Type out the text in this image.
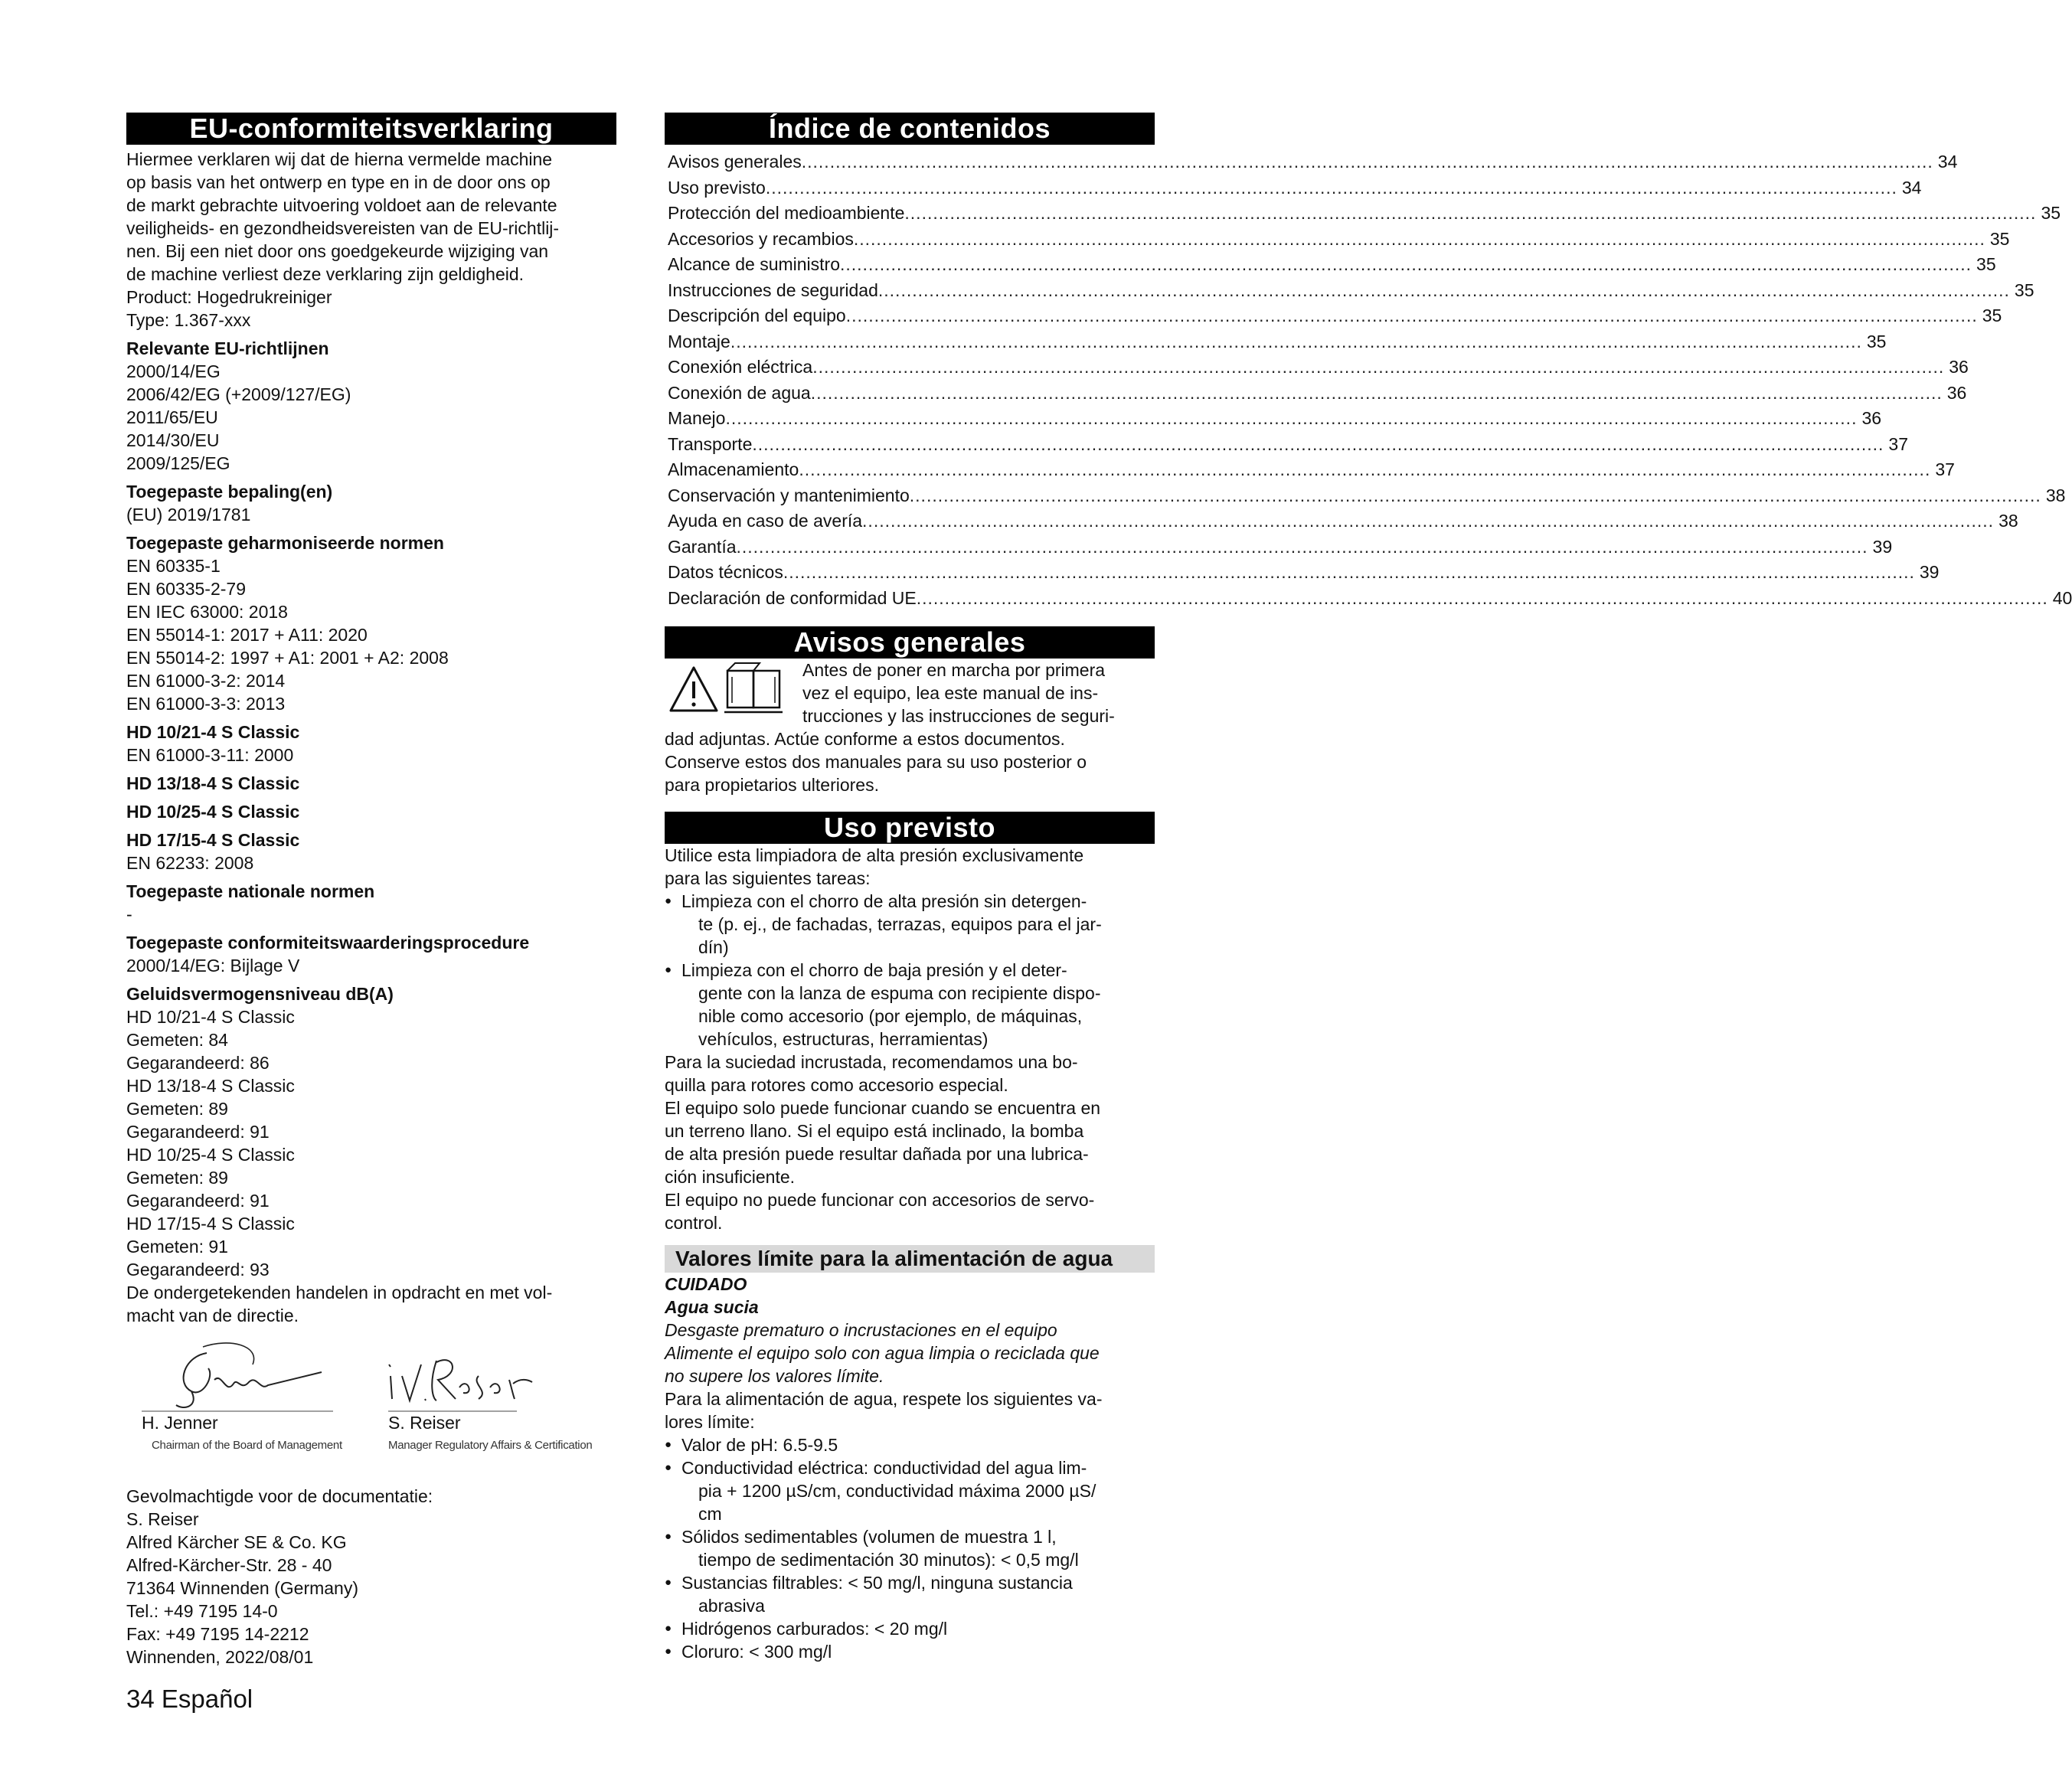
EU-conformiteitsverklaring

Hiermee verklaren wij dat de hierna vermelde machine

op basis van het ontwerp en type en in de door ons op

de markt gebrachte uitvoering voldoet aan de relevante

veiligheids- en gezondheidsvereisten van de EU-richtlij-

nen. Bij een niet door ons goedgekeurde wijziging van

de machine verliest deze verklaring zijn geldigheid.

Product: Hogedrukreiniger

Type: 1.367-xxx

Relevante EU-richtlijnen

2000/14/EG

2006/42/EG (+2009/127/EG)

2011/65/EU

2014/30/EU

2009/125/EG

Toegepaste bepaling(en)

(EU) 2019/1781

Toegepaste geharmoniseerde normen

EN 60335-1

EN 60335-2-79

EN IEC 63000: 2018

EN 55014-1: 2017 + A11: 2020

EN 55014-2: 1997 + A1: 2001 + A2: 2008

EN 61000-3-2: 2014

EN 61000-3-3: 2013

HD 10/21-4 S Classic

EN 61000-3-11: 2000

HD 13/18-4 S Classic
HD 10/25-4 S Classic
HD 17/15-4 S Classic

EN 62233: 2008

Toegepaste nationale normen

-

Toegepaste conformiteitswaarderingsprocedure

2000/14/EG: Bijlage V

Geluidsvermogensniveau dB(A)

HD 10/21-4 S Classic

Gemeten: 84

Gegarandeerd: 86

HD 13/18-4 S Classic

Gemeten: 89

Gegarandeerd: 91

HD 10/25-4 S Classic

Gemeten: 89

Gegarandeerd: 91

HD 17/15-4 S Classic

Gemeten: 91

Gegarandeerd: 93

De ondergetekenden handelen in opdracht en met vol-

macht van de directie.

H. Jenner	S. Reiser
Chairman of the Board of Management	Manager Regulatory Affairs & Certification

Gevolmachtigde voor de documentatie:

S. Reiser

Alfred Kärcher SE & Co. KG

Alfred-Kärcher-Str. 28 - 40

71364 Winnenden (Germany)

Tel.: +49 7195 14-0

Fax: +49 7195 14-2212

Winnenden, 2022/08/01

Índice de contenidos
Avisos generales ........................................................................................................................................................................................................ 34
Uso previsto ........................................................................................................................................................................................................ 34
Protección del medioambiente ........................................................................................................................................................................................................ 35
Accesorios y recambios ........................................................................................................................................................................................................ 35
Alcance de suministro ........................................................................................................................................................................................................ 35
Instrucciones de seguridad ........................................................................................................................................................................................................ 35
Descripción del equipo ........................................................................................................................................................................................................ 35
Montaje ........................................................................................................................................................................................................ 35
Conexión eléctrica ........................................................................................................................................................................................................ 36
Conexión de agua ........................................................................................................................................................................................................ 36
Manejo ........................................................................................................................................................................................................ 36
Transporte ........................................................................................................................................................................................................ 37
Almacenamiento ........................................................................................................................................................................................................ 37
Conservación y mantenimiento ........................................................................................................................................................................................................ 38
Ayuda en caso de avería ........................................................................................................................................................................................................ 38
Garantía ........................................................................................................................................................................................................ 39
Datos técnicos ........................................................................................................................................................................................................ 39
Declaración de conformidad UE ........................................................................................................................................................................................................ 40
Avisos generales
Antes de poner en marcha por primera
vez el equipo, lea este manual de ins-
trucciones y las instrucciones de seguri-

dad adjuntas. Actúe conforme a estos documentos.

Conserve estos dos manuales para su uso posterior o

para propietarios ulteriores.

Uso previsto

Utilice esta limpiadora de alta presión exclusivamente

para las siguientes tareas:

● Limpieza con el chorro de alta presión sin detergen-
te (p. ej., de fachadas, terrazas, equipos para el jar-
dín)
● Limpieza con el chorro de baja presión y el deter-
gente con la lanza de espuma con recipiente dispo-
nible como accesorio (por ejemplo, de máquinas,
vehículos, estructuras, herramientas)

Para la suciedad incrustada, recomendamos una bo-

quilla para rotores como accesorio especial.

El equipo solo puede funcionar cuando se encuentra en

un terreno llano. Si el equipo está inclinado, la bomba

de alta presión puede resultar dañada por una lubrica-

ción insuficiente.

El equipo no puede funcionar con accesorios de servo-

control.

Valores límite para la alimentación de agua

CUIDADO

Agua sucia

Desgaste prematuro o incrustaciones en el equipo

Alimente el equipo solo con agua limpia o reciclada que

no supere los valores límite.

Para la alimentación de agua, respete los siguientes va-

lores límite:

● Valor de pH: 6.5-9.5
● Conductividad eléctrica: conductividad del agua lim-
pia + 1200 µS/cm, conductividad máxima 2000 µS/
cm
● Sólidos sedimentables (volumen de muestra 1 l,
tiempo de sedimentación 30 minutos): < 0,5 mg/l
● Sustancias filtrables: < 50 mg/l, ninguna sustancia
abrasiva
● Hidrógenos carburados: < 20 mg/l
● Cloruro: < 300 mg/l
34 Español
